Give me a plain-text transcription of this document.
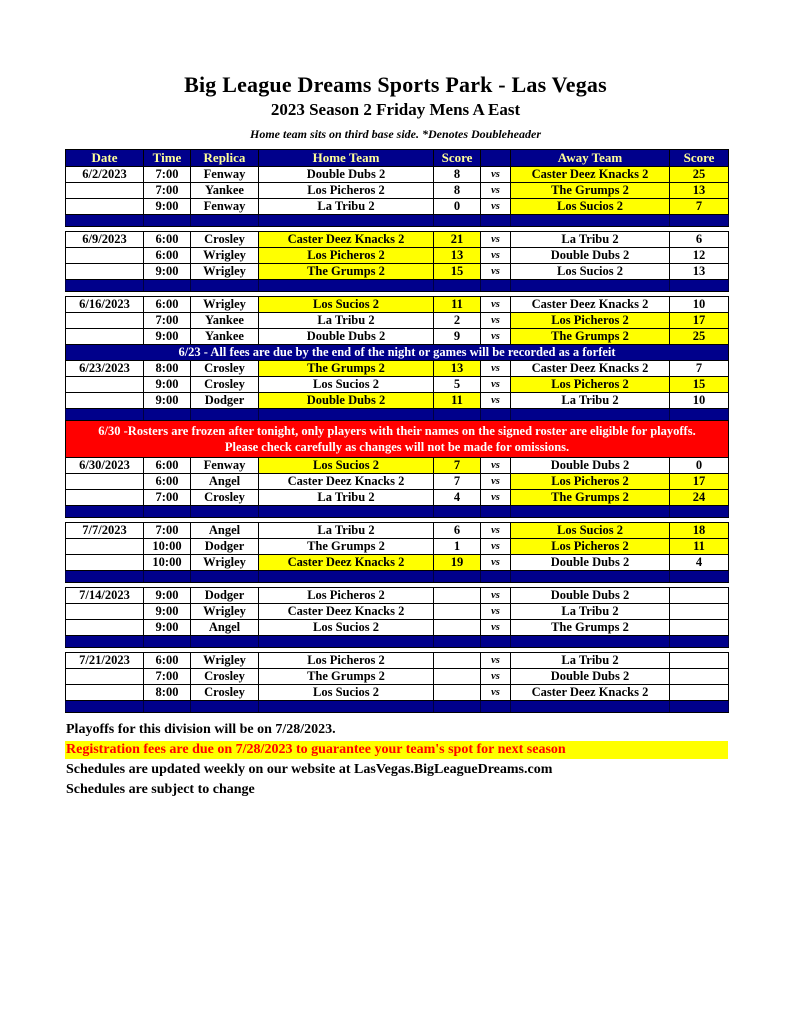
Big League Dreams Sports Park - Las Vegas
2023 Season 2 Friday Mens A East
Home team sits on third base side. *Denotes Doubleheader
Date	Time	Replica	Home Team	Score		Away Team	Score
6/2/2023	7:00	Fenway	Double Dubs 2	8	vs	Caster Deez Knacks 2	25
	7:00	Yankee	Los Picheros 2	8	vs	The Grumps 2	13
	9:00	Fenway	La Tribu 2	0	vs	Los Sucios 2	7

6/9/2023	6:00	Crosley	Caster Deez Knacks 2	21	vs	La Tribu 2	6
	6:00	Wrigley	Los Picheros 2	13	vs	Double Dubs 2	12
	9:00	Wrigley	The Grumps 2	15	vs	Los Sucios 2	13

6/16/2023	6:00	Wrigley	Los Sucios 2	11	vs	Caster Deez Knacks 2	10
	7:00	Yankee	La Tribu 2	2	vs	Los Picheros 2	17
	9:00	Yankee	Double Dubs 2	9	vs	The Grumps 2	25
6/23 - All fees are due by the end of the night or games will be recorded as a forfeit							
6/23/2023	8:00	Crosley	The Grumps 2	13	vs	Caster Deez Knacks 2	7
	9:00	Crosley	Los Sucios 2	5	vs	Los Picheros 2	15
	9:00	Dodger	Double Dubs 2	11	vs	La Tribu 2	10

6/30 -Rosters are frozen after tonight, only players with their names on the signed roster are eligible for playoffs.
Please check carefully as changes will not be made for omissions.							

6/30/2023	6:00	Fenway	Los Sucios 2	7	vs	Double Dubs 2	0
	6:00	Angel	Caster Deez Knacks 2	7	vs	Los Picheros 2	17
	7:00	Crosley	La Tribu 2	4	vs	The Grumps 2	24

7/7/2023	7:00	Angel	La Tribu 2	6	vs	Los Sucios 2	18
	10:00	Dodger	The Grumps 2	1	vs	Los Picheros 2	11
	10:00	Wrigley	Caster Deez Knacks 2	19	vs	Double Dubs 2	4

7/14/2023	9:00	Dodger	Los Picheros 2		vs	Double Dubs 2	
	9:00	Wrigley	Caster Deez Knacks 2		vs	La Tribu 2	
	9:00	Angel	Los Sucios 2		vs	The Grumps 2	

7/21/2023	6:00	Wrigley	Los Picheros 2		vs	La Tribu 2	
	7:00	Crosley	The Grumps 2		vs	Double Dubs 2	
	8:00	Crosley	Los Sucios 2		vs	Caster Deez Knacks 2	

Playoffs for this division will be on 7/28/2023.
Registration fees are due on 7/28/2023 to guarantee your team's spot for next season
Schedules are updated weekly on our website at LasVegas.BigLeagueDreams.com
Schedules are subject to change
